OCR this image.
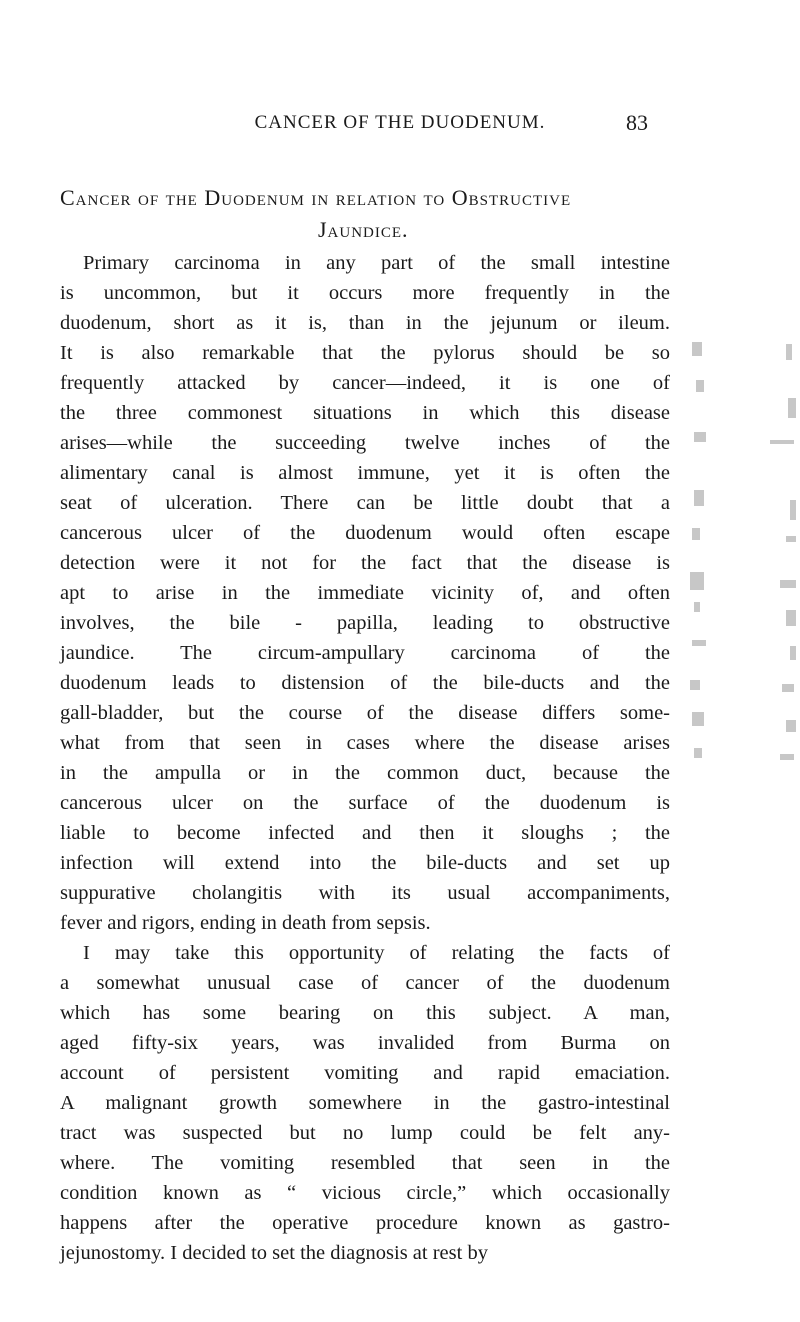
CANCER OF THE DUODENUM.	83
Cancer of the Duodenum in relation to Obstructive
Jaundice.
Primary carcinoma in any part of the small intestine
is uncommon, but it occurs more frequently in the
duodenum, short as it is, than in the jejunum or ileum.
It is also remarkable that the pylorus should be so
frequently attacked by cancer—indeed, it is one of
the three commonest situations in which this disease
arises—while the succeeding twelve inches of the
alimentary canal is almost immune, yet it is often the
seat of ulceration. There can be little doubt that a
cancerous ulcer of the duodenum would often escape
detection were it not for the fact that the disease is
apt to arise in the immediate vicinity of, and often
involves, the bile - papilla, leading to obstructive
jaundice. The circum-ampullary carcinoma of the
duodenum leads to distension of the bile-ducts and the
gall-bladder, but the course of the disease differs some-
what from that seen in cases where the disease arises
in the ampulla or in the common duct, because the
cancerous ulcer on the surface of the duodenum is
liable to become infected and then it sloughs ; the
infection will extend into the bile-ducts and set up
suppurative cholangitis with its usual accompaniments,
fever and rigors, ending in death from sepsis.
I may take this opportunity of relating the facts of
a somewhat unusual case of cancer of the duodenum
which has some bearing on this subject. A man,
aged fifty-six years, was invalided from Burma on
account of persistent vomiting and rapid emaciation.
A malignant growth somewhere in the gastro-intestinal
tract was suspected but no lump could be felt any-
where. The vomiting resembled that seen in the
condition known as “ vicious circle,” which occasionally
happens after the operative procedure known as gastro-
jejunostomy. I decided to set the diagnosis at rest by
